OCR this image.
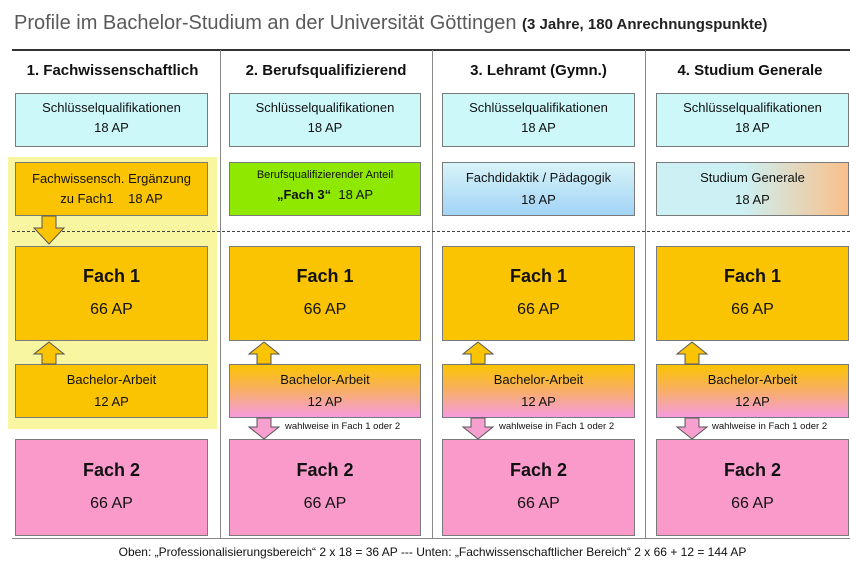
Profile im Bachelor-Studium an der Universität Göttingen (3 Jahre, 180 Anrechnungspunkte)
1. Fachwissenschaftlich	2. Berufsqualifizierend	3. Lehramt (Gymn.)	4. Studium Generale
Schlüsselqualifikationen
18 AP
Schlüsselqualifikationen
18 AP
Schlüsselqualifikationen
18 AP
Schlüsselqualifikationen
18 AP
Fachwissensch. Ergänzung
zu Fach1    18 AP
Berufsqualifizierender Anteil
„Fach 3“ 18 AP
Fachdidaktik / Pädagogik
18 AP
Studium Generale
18 AP
Fach 1
66 AP
Fach 1
66 AP
Fach 1
66 AP
Fach 1
66 AP
Bachelor-Arbeit
12 AP
Bachelor-Arbeit
12 AP
Bachelor-Arbeit
12 AP
Bachelor-Arbeit
12 AP
wahlweise in Fach 1 oder 2	wahlweise in Fach 1 oder 2	wahlweise in Fach 1 oder 2
Fach 2
66 AP
Fach 2
66 AP
Fach 2
66 AP
Fach 2
66 AP
Oben: „Professionalisierungsbereich“ 2 x 18 = 36 AP --- Unten: „Fachwissenschaftlicher Bereich“ 2 x 66 + 12 = 144 AP
